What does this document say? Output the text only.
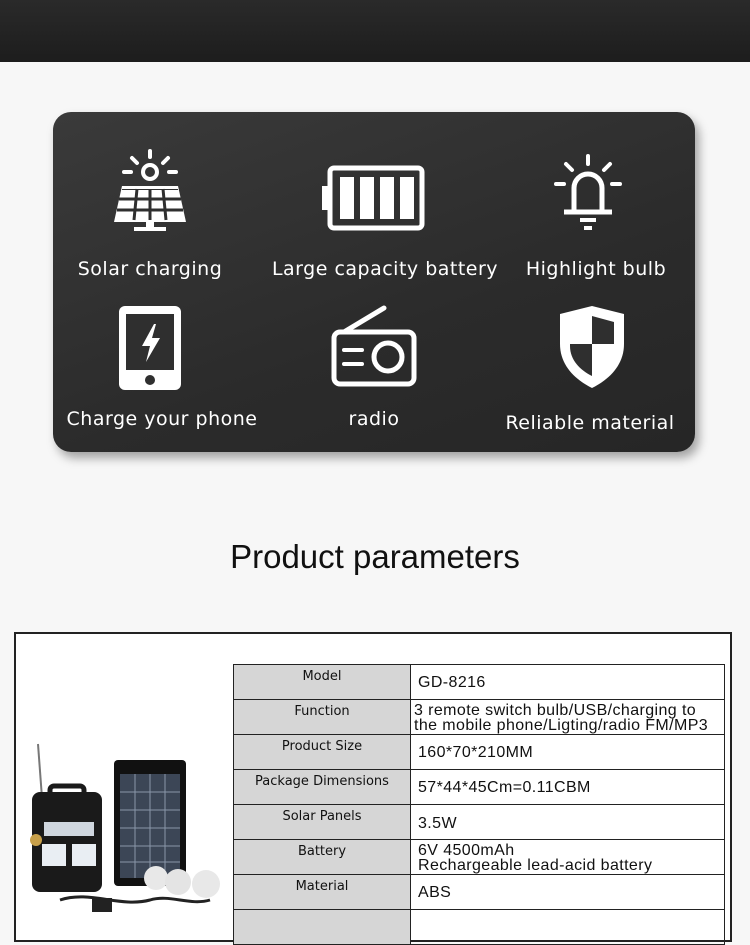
Solar charging	Large capacity battery Highlight bulb
Charge your phone	radio	Reliable material
Product parameters
Model	GD-8216
Function	3 remote switch bulb/USB/charging to
the mobile phone/Ligting/radio FM/MP3

Product Size	160*70*210MM
Package Dimensions	57*44*45Cm=0.11CBM
Solar Panels	3.5W
Battery	6V 4500mAh
Rechargeable lead-acid battery

Material	ABS
